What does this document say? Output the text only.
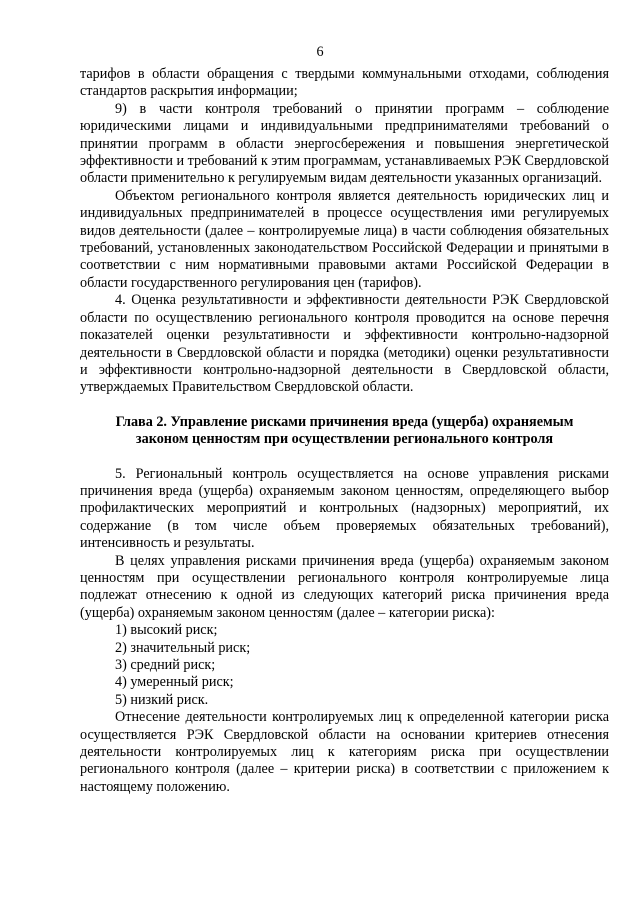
6

тарифов в области обращения с твердыми коммунальными отходами, соблюдения стандартов раскрытия информации;

9) в части контроля требований о принятии программ – соблюдение юридическими лицами и индивидуальными предпринимателями требований о принятии программ в области энергосбережения и повышения энергетической эффективности и требований к этим программам, устанавливаемых РЭК Свердловской области применительно к регулируемым видам деятельности указанных организаций.

Объектом регионального контроля является деятельность юридических лиц и индивидуальных предпринимателей в процессе осуществления ими регулируемых видов деятельности (далее – контролируемые лица) в части соблюдения обязательных требований, установленных законодательством Российской Федерации и принятыми в соответствии с ним нормативными правовыми актами Российской Федерации в области государственного регулирования цен (тарифов).

4. Оценка результативности и эффективности деятельности РЭК Свердловской области по осуществлению регионального контроля проводится на основе перечня показателей оценки результативности и эффективности контрольно-надзорной деятельности в Свердловской области и порядка (методики) оценки результативности и эффективности контрольно-надзорной деятельности в Свердловской области, утверждаемых Правительством Свердловской области.

Глава 2. Управление рисками причинения вреда (ущерба) охраняемым законом ценностям при осуществлении регионального контроля

5. Региональный контроль осуществляется на основе управления рисками причинения вреда (ущерба) охраняемым законом ценностям, определяющего выбор профилактических мероприятий и контрольных (надзорных) мероприятий, их содержание (в том числе объем проверяемых обязательных требований), интенсивность и результаты.

В целях управления рисками причинения вреда (ущерба) охраняемым законом ценностям при осуществлении регионального контроля контролируемые лица подлежат отнесению к одной из следующих категорий риска причинения вреда (ущерба) охраняемым законом ценностям (далее – категории риска):

1) высокий риск;

2) значительный риск;

3) средний риск;

4) умеренный риск;

5) низкий риск.

Отнесение деятельности контролируемых лиц к определенной категории риска осуществляется РЭК Свердловской области на основании критериев отнесения деятельности контролируемых лиц к категориям риска при осуществлении регионального контроля (далее – критерии риска) в соответствии с приложением к настоящему положению.
